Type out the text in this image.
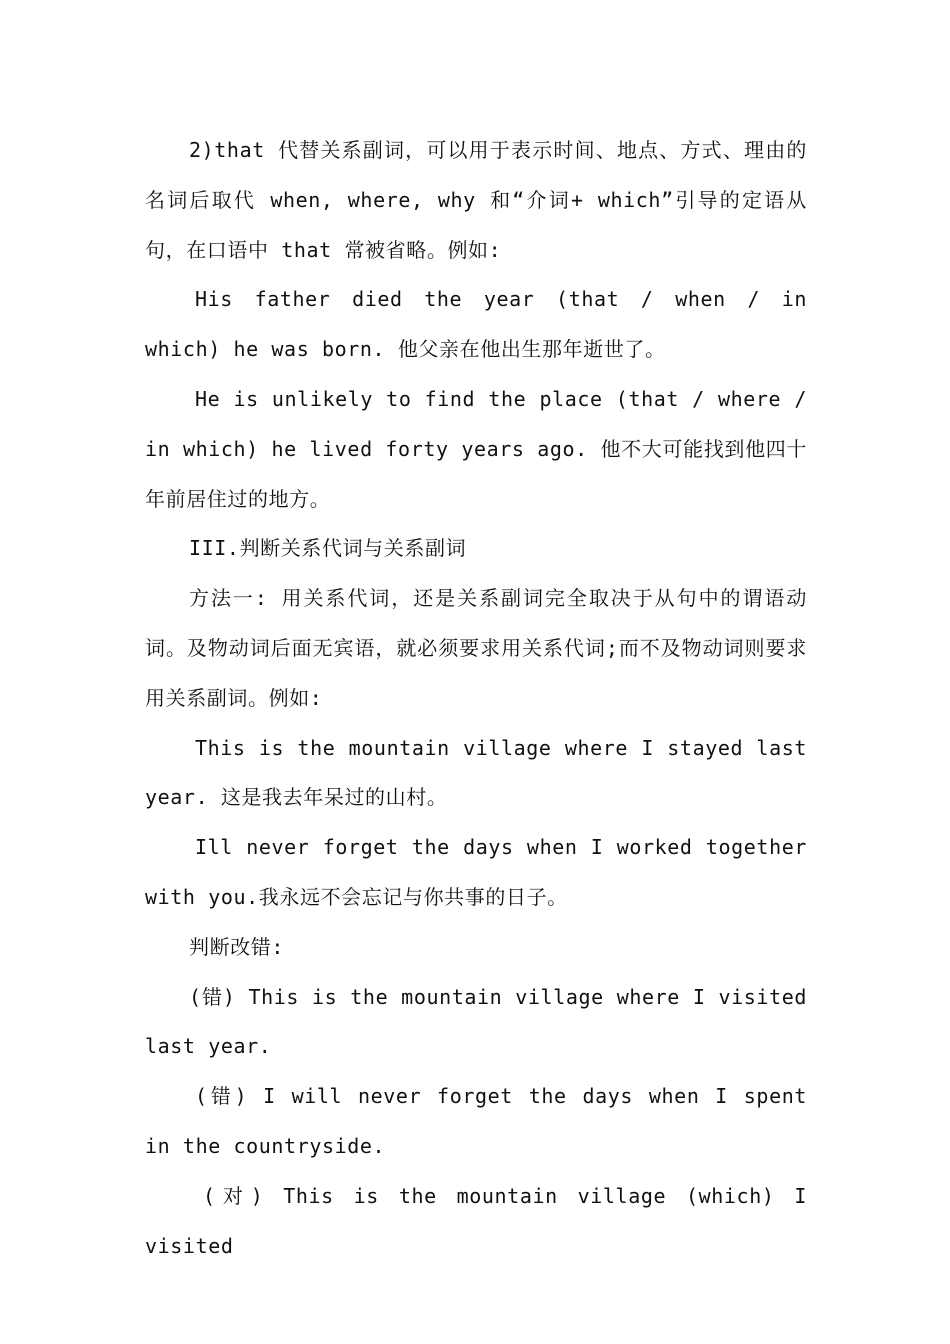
2)that 代替关系副词，可以用于表示时间、地点、方式、理由的名词后取代 when, where, why 和“介词+ which”引导的定语从句，在口语中 that 常被省略。例如:

His father died the year (that / when / in which) he was born. 他父亲在他出生那年逝世了。

He is unlikely to find the place (that / where / in which) he lived forty years ago. 他不大可能找到他四十年前居住过的地方。

III.判断关系代词与关系副词

方法一: 用关系代词，还是关系副词完全取决于从句中的谓语动词。及物动词后面无宾语，就必须要求用关系代词;而不及物动词则要求用关系副词。例如:

This is the mountain village where I stayed last year. 这是我去年呆过的山村。

Ill never forget the days when I worked together with you.我永远不会忘记与你共事的日子。

判断改错:

(错) This is the mountain village where I visited last year.

(错) I will never forget the days when I spent in the countryside.

(对) This is the mountain village (which) I visited
